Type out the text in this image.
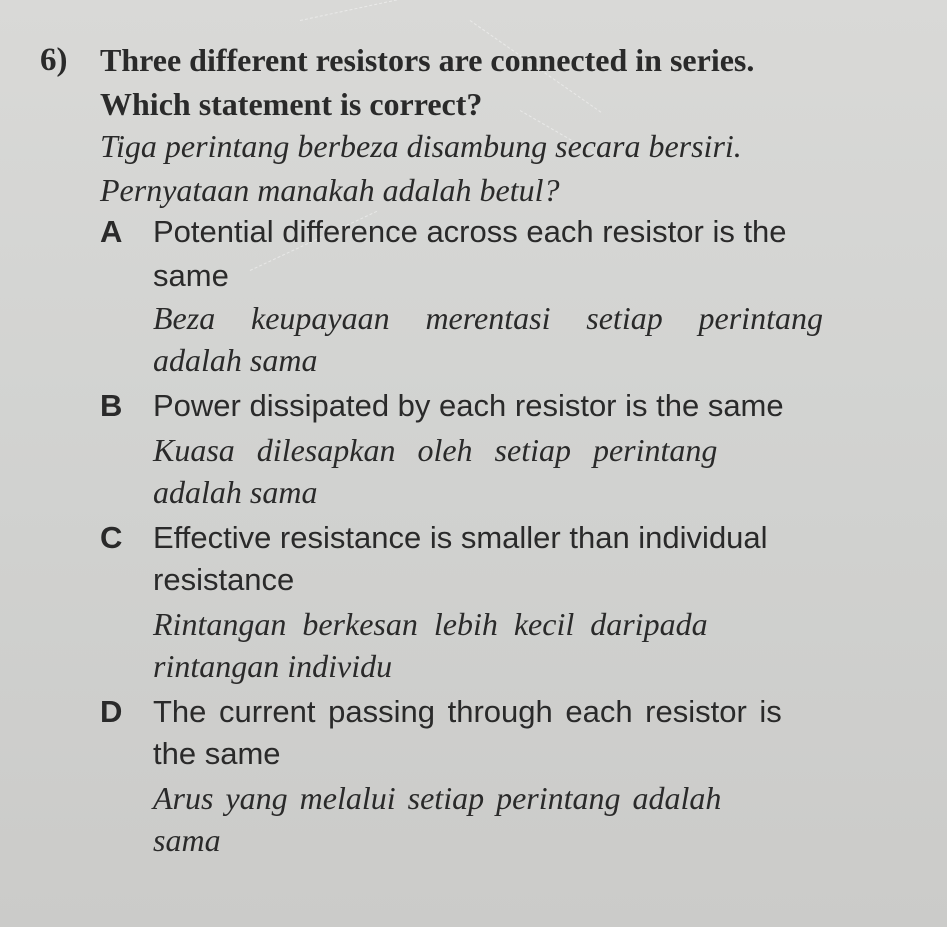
6) Three different resistors are connected in series.
Which statement is correct?
Tiga perintang berbeza disambung secara bersiri.
Pernyataan manakah adalah betul?
A Potential difference across each resistor is the
same
Beza keupayaan merentasi setiap perintang
adalah sama
B Power dissipated by each resistor is the same
Kuasa dilesapkan oleh setiap perintang
adalah sama
C Effective resistance is smaller than individual
resistance
Rintangan berkesan lebih kecil daripada
rintangan individu
D The current passing through each resistor is
the same
Arus yang melalui setiap perintang adalah
sama
